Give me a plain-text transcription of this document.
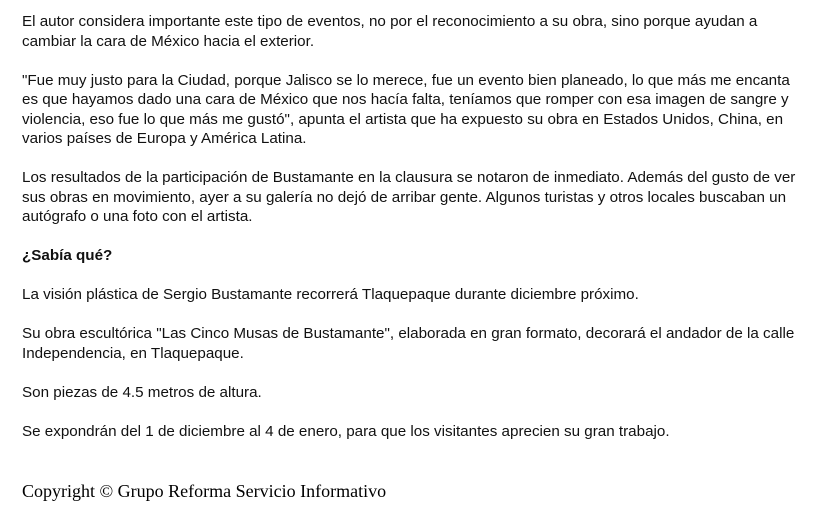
El autor considera importante este tipo de eventos, no por el reconocimiento a su obra, sino porque ayudan a cambiar la cara de México hacia el exterior.

"Fue muy justo para la Ciudad, porque Jalisco se lo merece, fue un evento bien planeado, lo que más me encanta es que hayamos dado una cara de México que nos hacía falta, teníamos que romper con esa imagen de sangre y violencia, eso fue lo que más me gustó", apunta el artista que ha expuesto su obra en Estados Unidos, China, en varios países de Europa y América Latina.

Los resultados de la participación de Bustamante en la clausura se notaron de inmediato. Además del gusto de ver sus obras en movimiento, ayer a su galería no dejó de arribar gente. Algunos turistas y otros locales buscaban un autógrafo o una foto con el artista.

¿Sabía qué?

La visión plástica de Sergio Bustamante recorrerá Tlaquepaque durante diciembre próximo.

Su obra escultórica "Las Cinco Musas de Bustamante", elaborada en gran formato, decorará el andador de la calle Independencia, en Tlaquepaque.

Son piezas de 4.5 metros de altura.

Se expondrán del 1 de diciembre al 4 de enero, para que los visitantes aprecien su gran trabajo.

Copyright © Grupo Reforma Servicio Informativo
